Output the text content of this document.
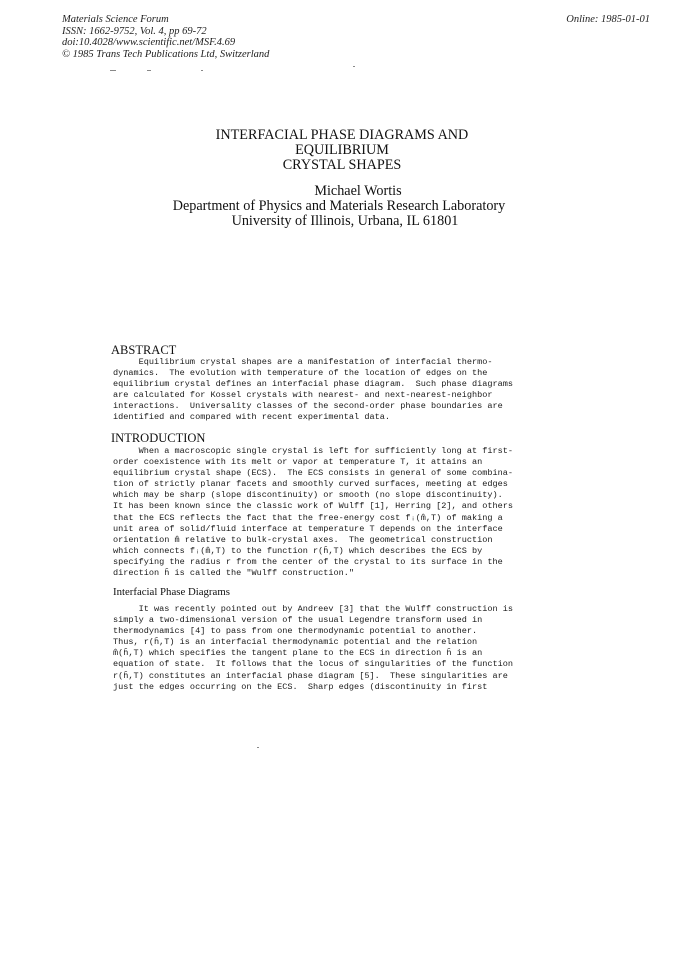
Materials Science Forum
ISSN: 1662-9752, Vol. 4, pp 69-72
doi:10.4028/www.scientific.net/MSF.4.69
© 1985 Trans Tech Publications Ltd, Switzerland
Online: 1985-01-01
INTERFACIAL PHASE DIAGRAMS AND
EQUILIBRIUM
CRYSTAL SHAPES
Michael Wortis
Department of Physics and Materials Research Laboratory
University of Illinois, Urbana, IL 61801
ABSTRACT
Equilibrium crystal shapes are a manifestation of interfacial thermo-
dynamics.  The evolution with temperature of the location of edges on the
equilibrium crystal defines an interfacial phase diagram.  Such phase diagrams
are calculated for Kossel crystals with nearest- and next-nearest-neighbor
interactions.  Universality classes of the second-order phase boundaries are
identified and compared with recent experimental data.
INTRODUCTION
When a macroscopic single crystal is left for sufficiently long at first-
order coexistence with its melt or vapor at temperature T, it attains an
equilibrium crystal shape (ECS).  The ECS consists in general of some combina-
tion of strictly planar facets and smoothly curved surfaces, meeting at edges
which may be sharp (slope discontinuity) or smooth (no slope discontinuity).
It has been known since the classic work of Wulff [1], Herring [2], and others
that the ECS reflects the fact that the free-energy cost fᵢ(m̂,T) of making a
unit area of solid/fluid interface at temperature T depends on the interface
orientation m̂ relative to bulk-crystal axes.  The geometrical construction
which connects fᵢ(m̂,T) to the function r(ĥ,T) which describes the ECS by
specifying the radius r from the center of the crystal to its surface in the
direction ĥ is called the "Wulff construction."
Interfacial Phase Diagrams
It was recently pointed out by Andreev [3] that the Wulff construction is
simply a two-dimensional version of the usual Legendre transform used in
thermodynamics [4] to pass from one thermodynamic potential to another.
Thus, r(ĥ,T) is an interfacial thermodynamic potential and the relation
m̂(ĥ,T) which specifies the tangent plane to the ECS in direction ĥ is an
equation of state.  It follows that the locus of singularities of the function
r(ĥ,T) constitutes an interfacial phase diagram [5].  These singularities are
just the edges occurring on the ECS.  Sharp edges (discontinuity in first
